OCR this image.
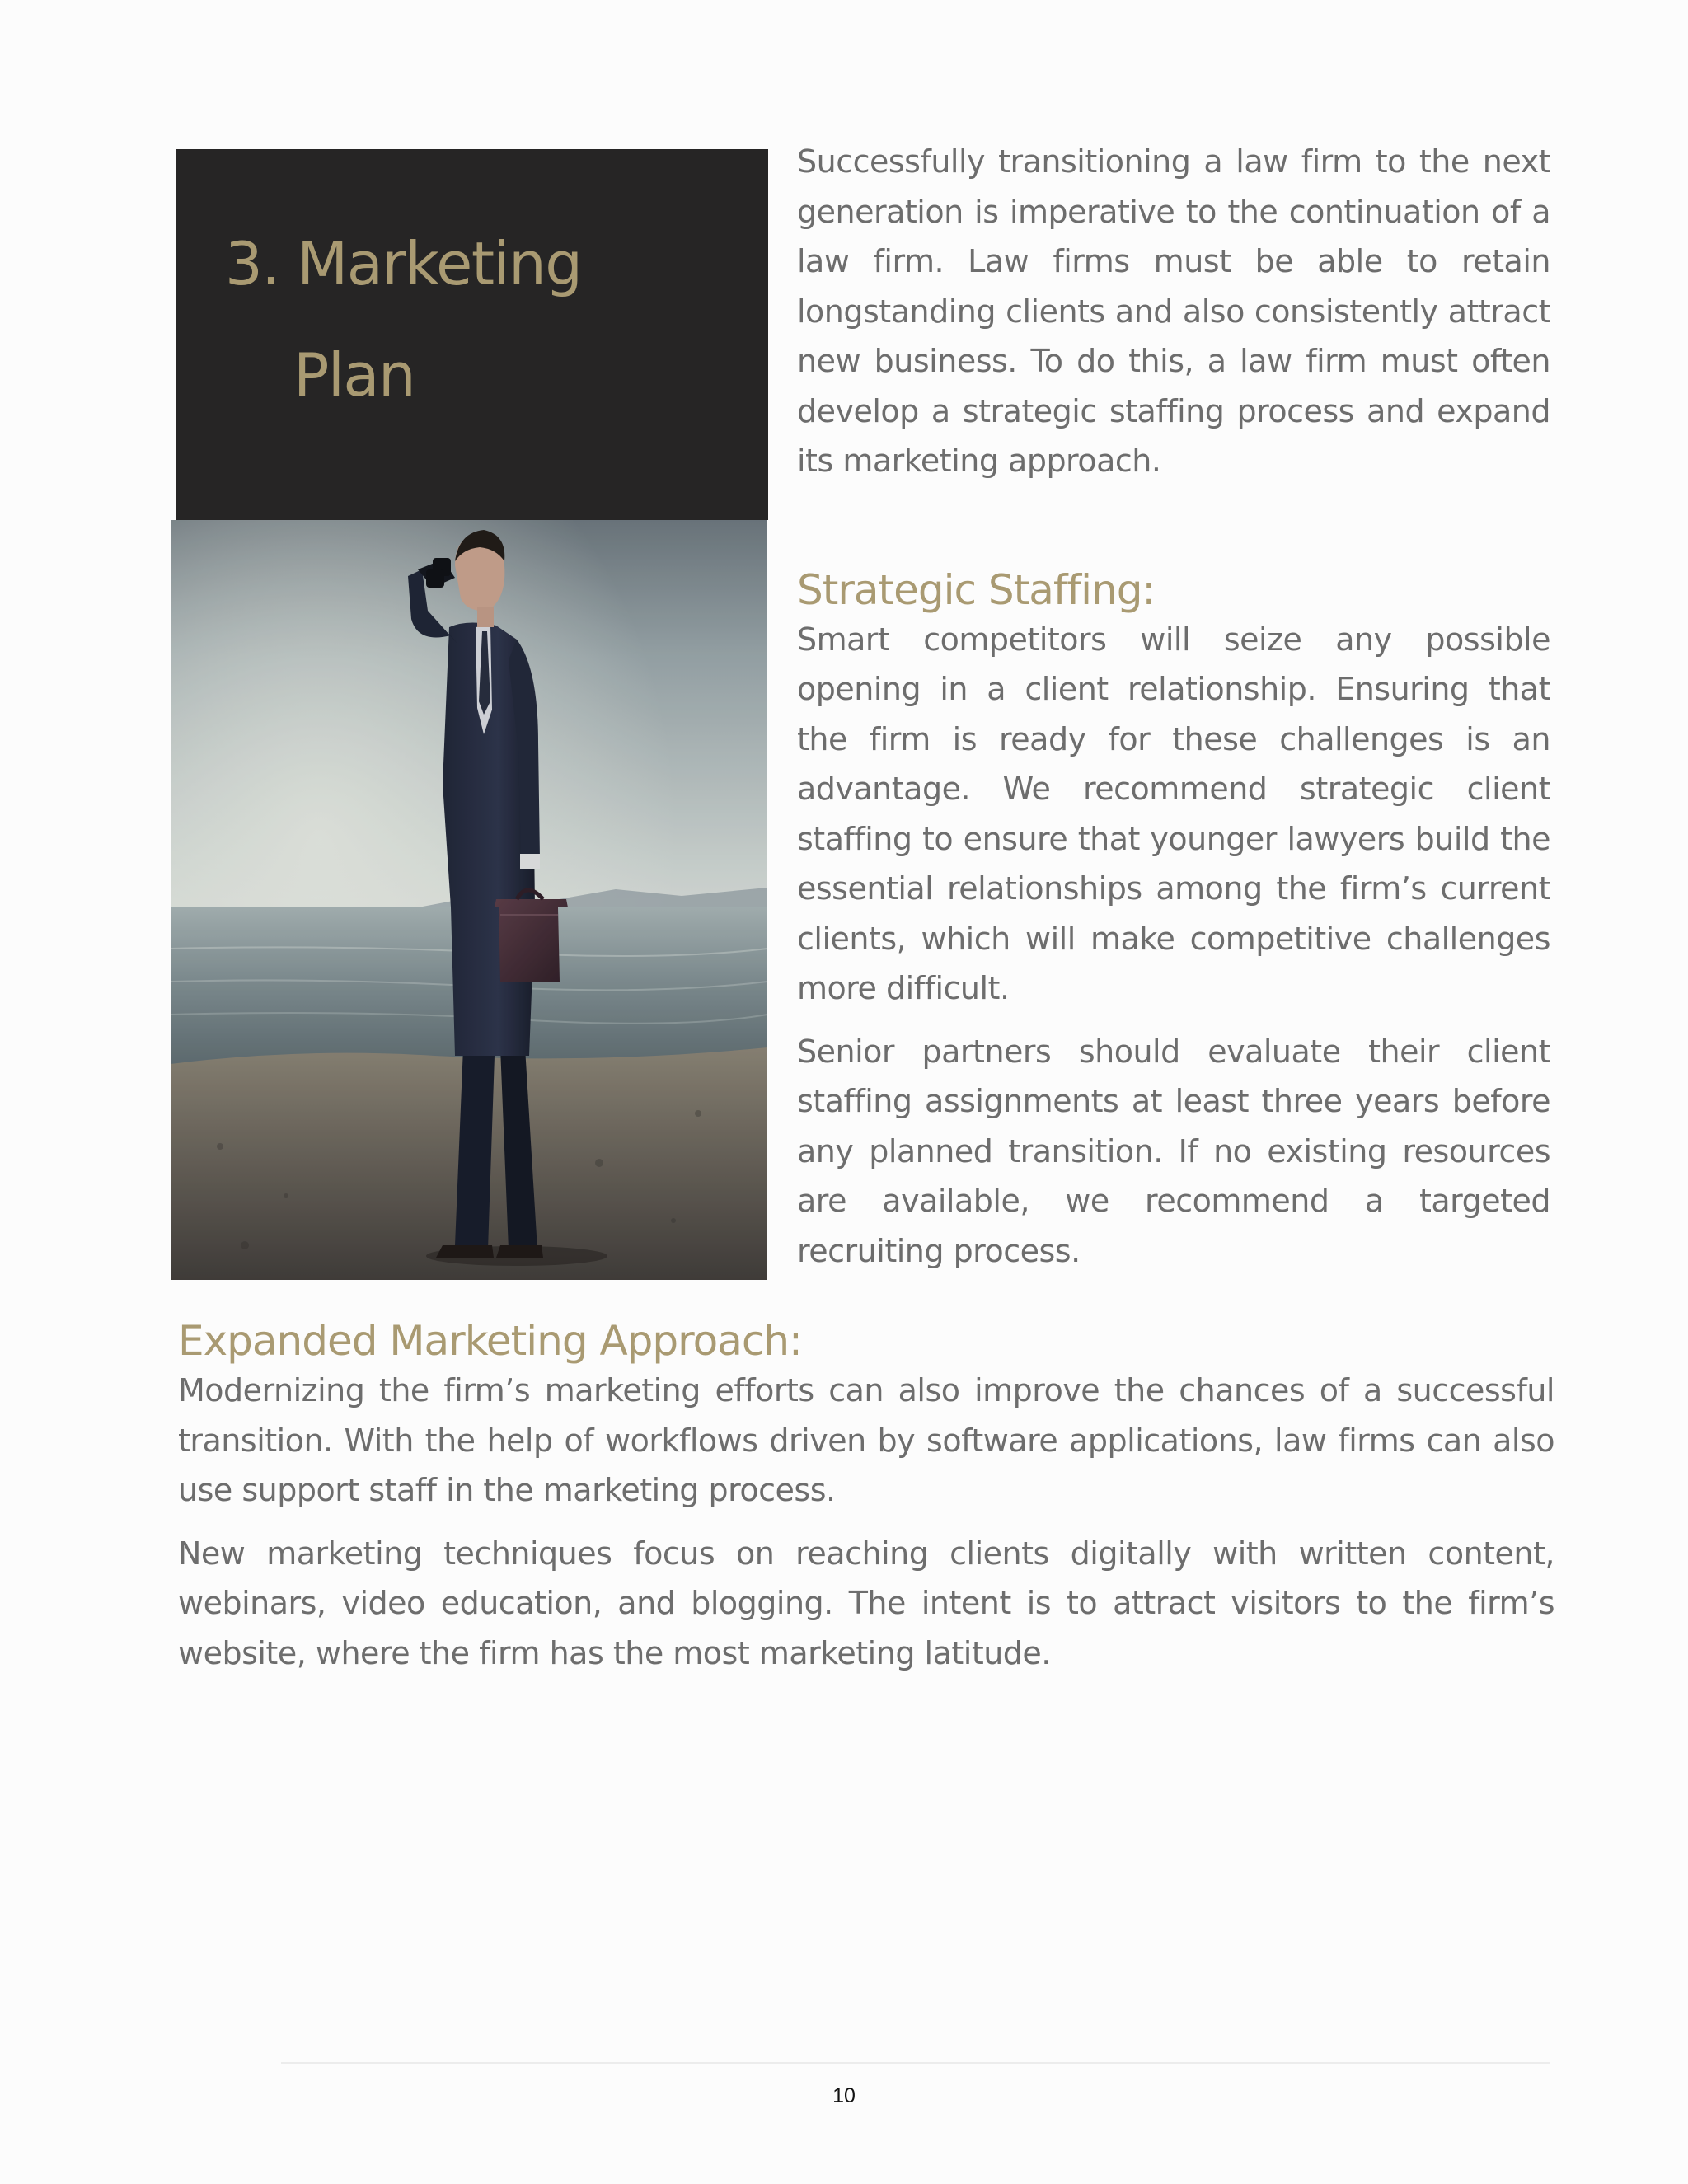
3. Marketing
Plan

Successfully transitioning a law firm to the next generation is imperative to the continuation of a law firm. Law firms must be able to retain longstanding clients and also consistently attract new business. To do this, a law firm must often develop a strategic staffing process and expand its marketing approach.

Strategic Staffing:

Smart competitors will seize any possible opening in a client relationship. Ensuring that the firm is ready for these challenges is an advantage. We recommend strategic client staffing to ensure that younger lawyers build the essential relationships among the firm’s current clients, which will make competitive challenges more difficult.

Senior partners should evaluate their client staffing assignments at least three years before any planned transition. If no existing resources are available, we recommend a targeted recruiting process.

Expanded Marketing Approach:

Modernizing the firm’s marketing efforts can also improve the chances of a successful transition. With the help of workflows driven by software applications, law firms can also use support staff in the marketing process.

New marketing techniques focus on reaching clients digitally with written content, webinars, video education, and blogging. The intent is to attract visitors to the firm’s website, where the firm has the most marketing latitude.

10
